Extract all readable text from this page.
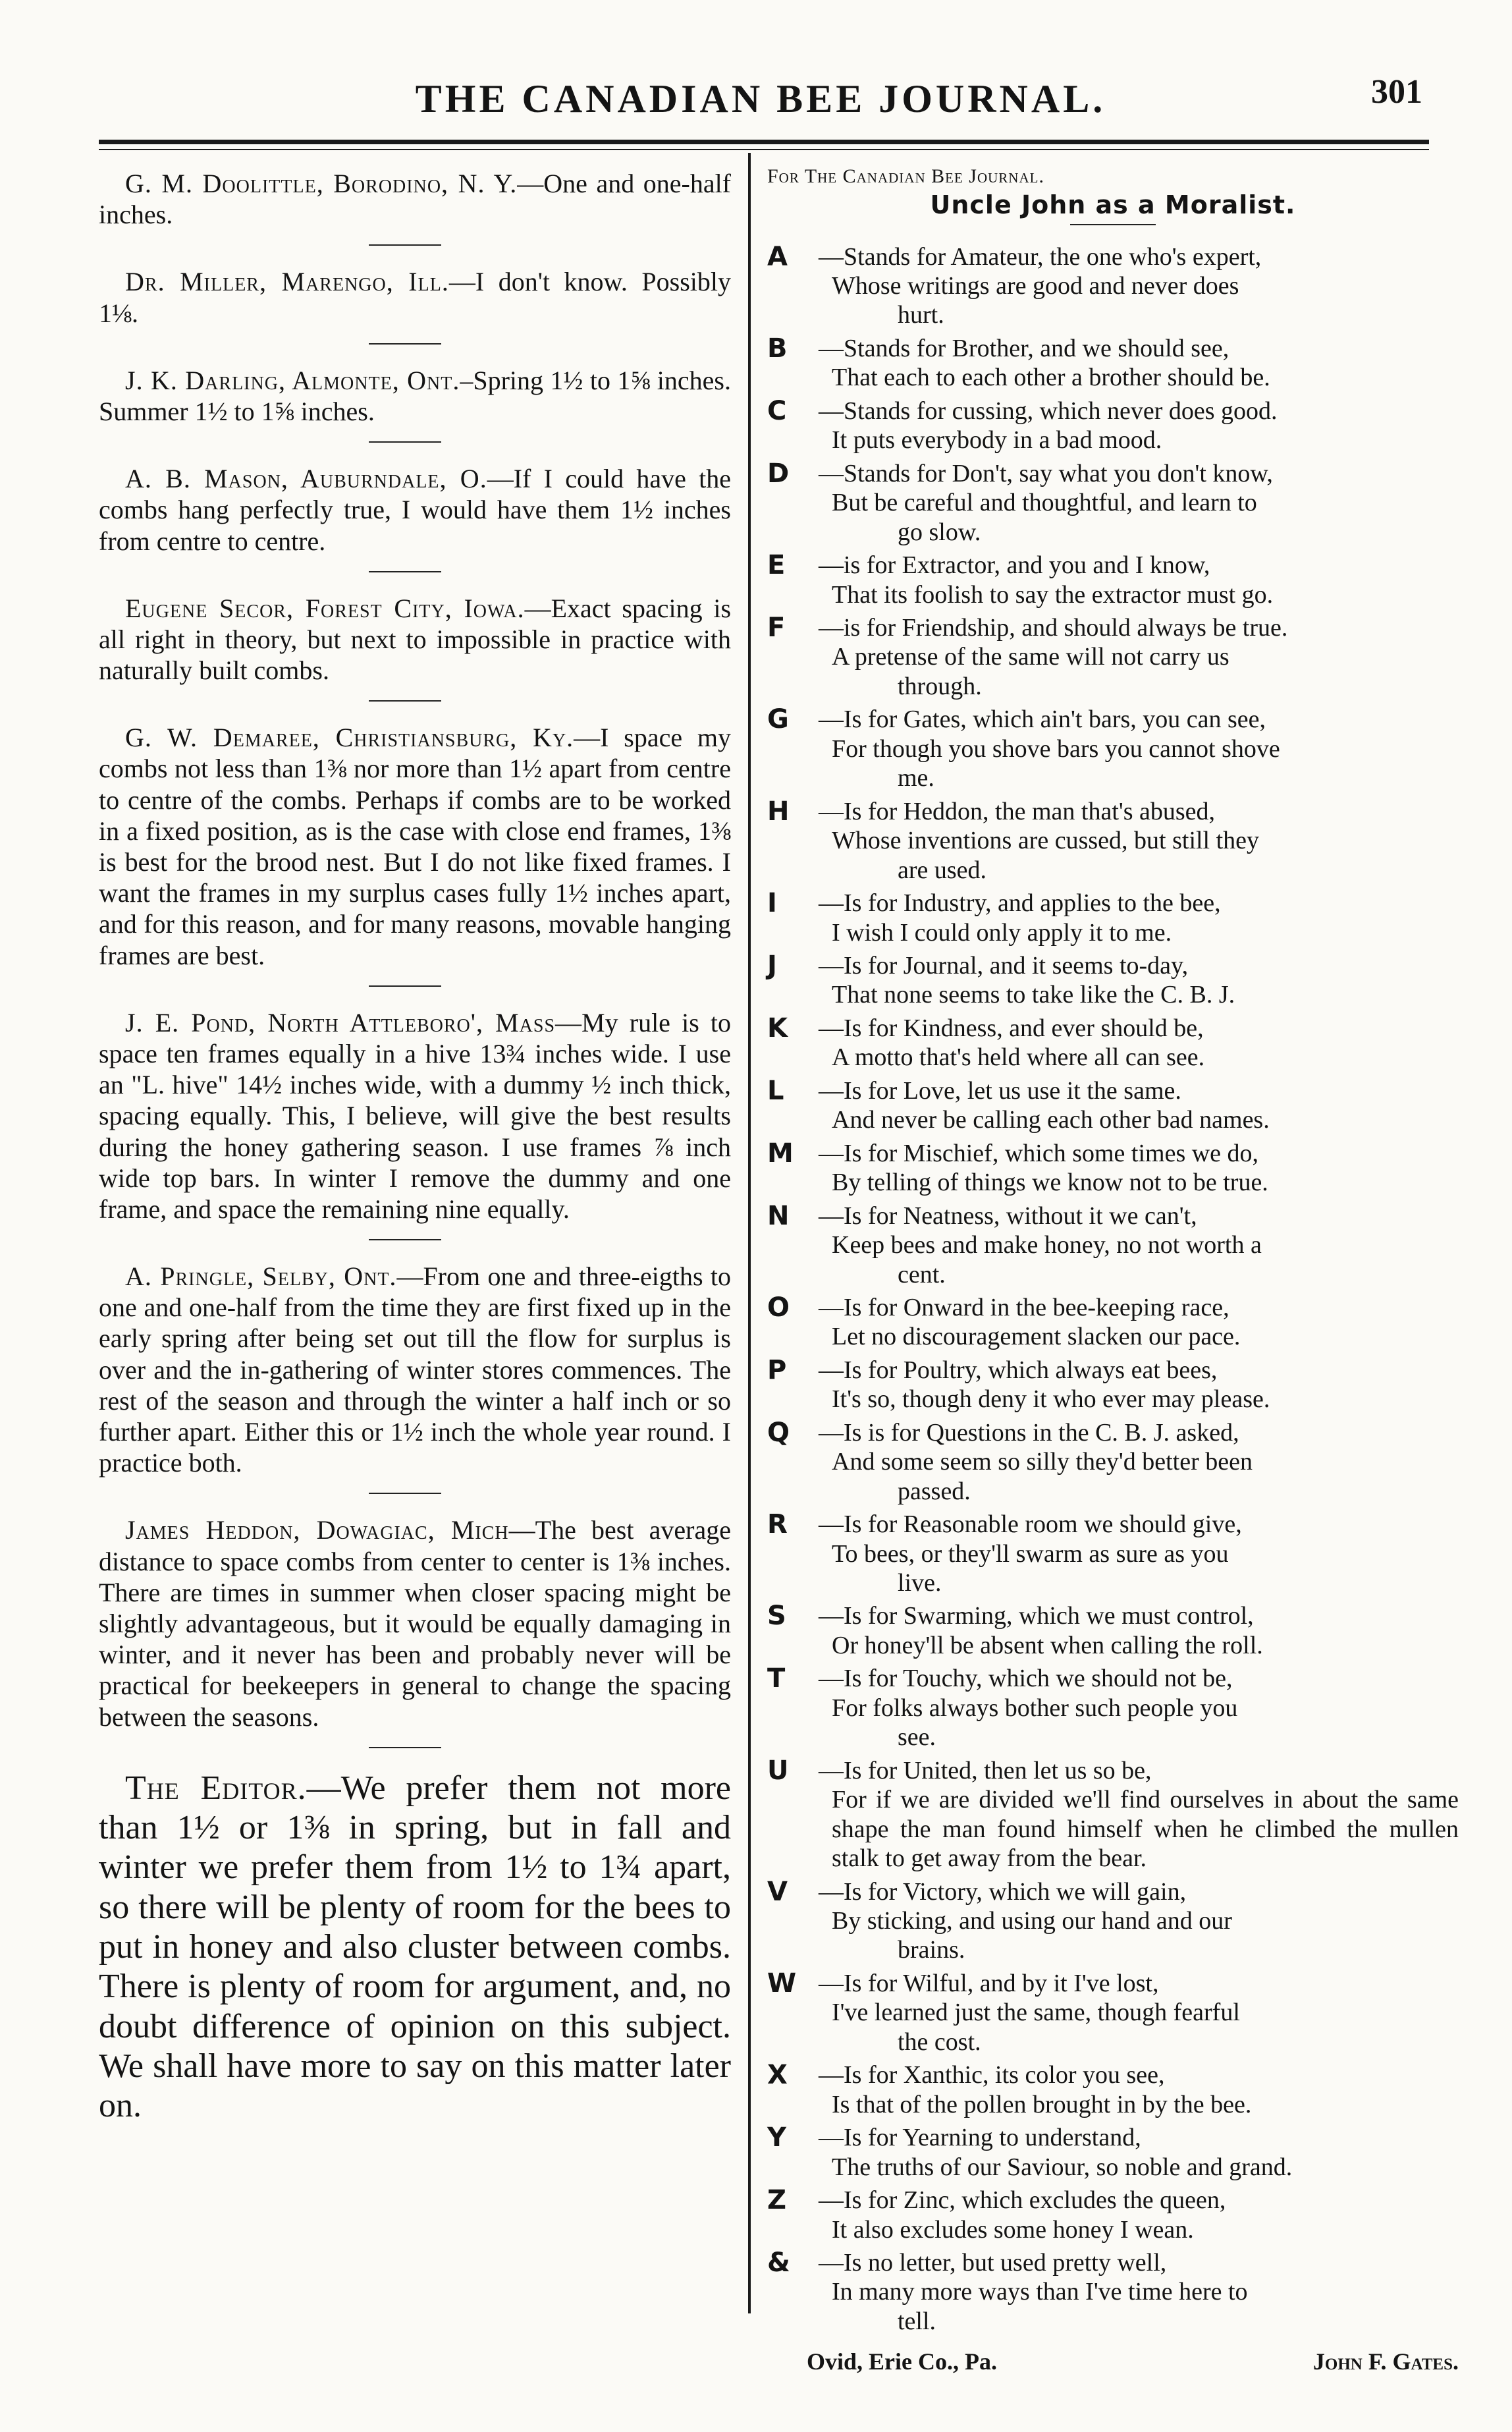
THE CANADIAN BEE JOURNAL.	301

G. M. Doolittle, Borodino, N. Y.—One and one-half inches.

Dr. Miller, Marengo, Ill.—I don't know. Possibly 1⅛.

J. K. Darling, Almonte, Ont.–Spring 1½ to 1⅝ inches. Summer 1½ to 1⅝ inches.

A. B. Mason, Auburndale, O.—If I could have the combs hang perfectly true, I would have them 1½ inches from centre to centre.

Eugene Secor, Forest City, Iowa.—Exact spacing is all right in theory, but next to impossible in practice with naturally built combs.

G. W. Demaree, Christiansburg, Ky.—I space my combs not less than 1⅜ nor more than 1½ apart from centre to centre of the combs. Perhaps if combs are to be worked in a fixed position, as is the case with close end frames, 1⅜ is best for the brood nest. But I do not like fixed frames. I want the frames in my surplus cases fully 1½ inches apart, and for this reason, and for many reasons, movable hanging frames are best.

J. E. Pond, North Attleboro', Mass—My rule is to space ten frames equally in a hive 13¾ inches wide. I use an "L. hive" 14½ inches wide, with a dummy ½ inch thick, spacing equally. This, I believe, will give the best results during the honey gathering season. I use frames ⅞ inch wide top bars. In winter I remove the dummy and one frame, and space the remaining nine equally.

A. Pringle, Selby, Ont.—From one and three-eigths to one and one-half from the time they are first fixed up in the early spring after being set out till the flow for surplus is over and the in-gathering of winter stores commences. The rest of the season and through the winter a half inch or so further apart. Either this or 1½ inch the whole year round. I practice both.

James Heddon, Dowagiac, Mich—The best average distance to space combs from center to center is 1⅜ inches. There are times in summer when closer spacing might be slightly advantageous, but it would be equally damaging in winter, and it never has been and probably never will be practical for beekeepers in general to change the spacing between the seasons.

The Editor.—We prefer them not more than 1½ or 1⅜ in spring, but in fall and winter we prefer them from 1½ to 1¾ apart, so there will be plenty of room for the bees to put in honey and also cluster between combs. There is plenty of room for argument, and, no doubt difference of opinion on this subject. We shall have more to say on this matter later on.

For The Canadian Bee Journal.

Uncle John as a Moralist.

A	—Stands for Amateur, the one who's expert,
Whose writings are good and never does
hurt.
B	—Stands for Brother, and we should see,
That each to each other a brother should be.
C	—Stands for cussing, which never does good.
It puts everybody in a bad mood.
D	—Stands for Don't, say what you don't know,
But be careful and thoughtful, and learn to
go slow.
E	—is for Extractor, and you and I know,
That its foolish to say the extractor must go.
F	—is for Friendship, and should always be true.
A pretense of the same will not carry us
through.
G	—Is for Gates, which ain't bars, you can see,
For though you shove bars you cannot shove
me.
H	—Is for Heddon, the man that's abused,
Whose inventions are cussed, but still they
are used.
I	—Is for Industry, and applies to the bee,
I wish I could only apply it to me.
J	—Is for Journal, and it seems to-day,
That none seems to take like the C. B. J.
K	—Is for Kindness, and ever should be,
A motto that's held where all can see.
L	—Is for Love, let us use it the same.
And never be calling each other bad names.
M	—Is for Mischief, which some times we do,
By telling of things we know not to be true.
N	—Is for Neatness, without it we can't,
Keep bees and make honey, no not worth a
cent.
O	—Is for Onward in the bee-keeping race,
Let no discouragement slacken our pace.
P	—Is for Poultry, which always eat bees,
It's so, though deny it who ever may please.
Q	—Is is for Questions in the C. B. J. asked,
And some seem so silly they'd better been
passed.
R	—Is for Reasonable room we should give,
To bees, or they'll swarm as sure as you
live.
S	—Is for Swarming, which we must control,
Or honey'll be absent when calling the roll.
T	—Is for Touchy, which we should not be,
For folks always bother such people you
see.
U	—Is for United, then let us so be,
For if we are divided we'll find ourselves in about the same shape the man found himself when he climbed the mullen stalk to get away from the bear.
V	—Is for Victory, which we will gain,
By sticking, and using our hand and our
brains.
W —Is for Wilful, and by it I've lost,
I've learned just the same, though fearful
the cost.
X	—Is for Xanthic, its color you see,
Is that of the pollen brought in by the bee.
Y	—Is for Yearning to understand,
The truths of our Saviour, so noble and grand.
Z	—Is for Zinc, which excludes the queen,
It also excludes some honey I wean.
&	—Is no letter, but used pretty well,
In many more ways than I've time here to
tell.
Ovid, Erie Co., Pa.	John F. Gates.
